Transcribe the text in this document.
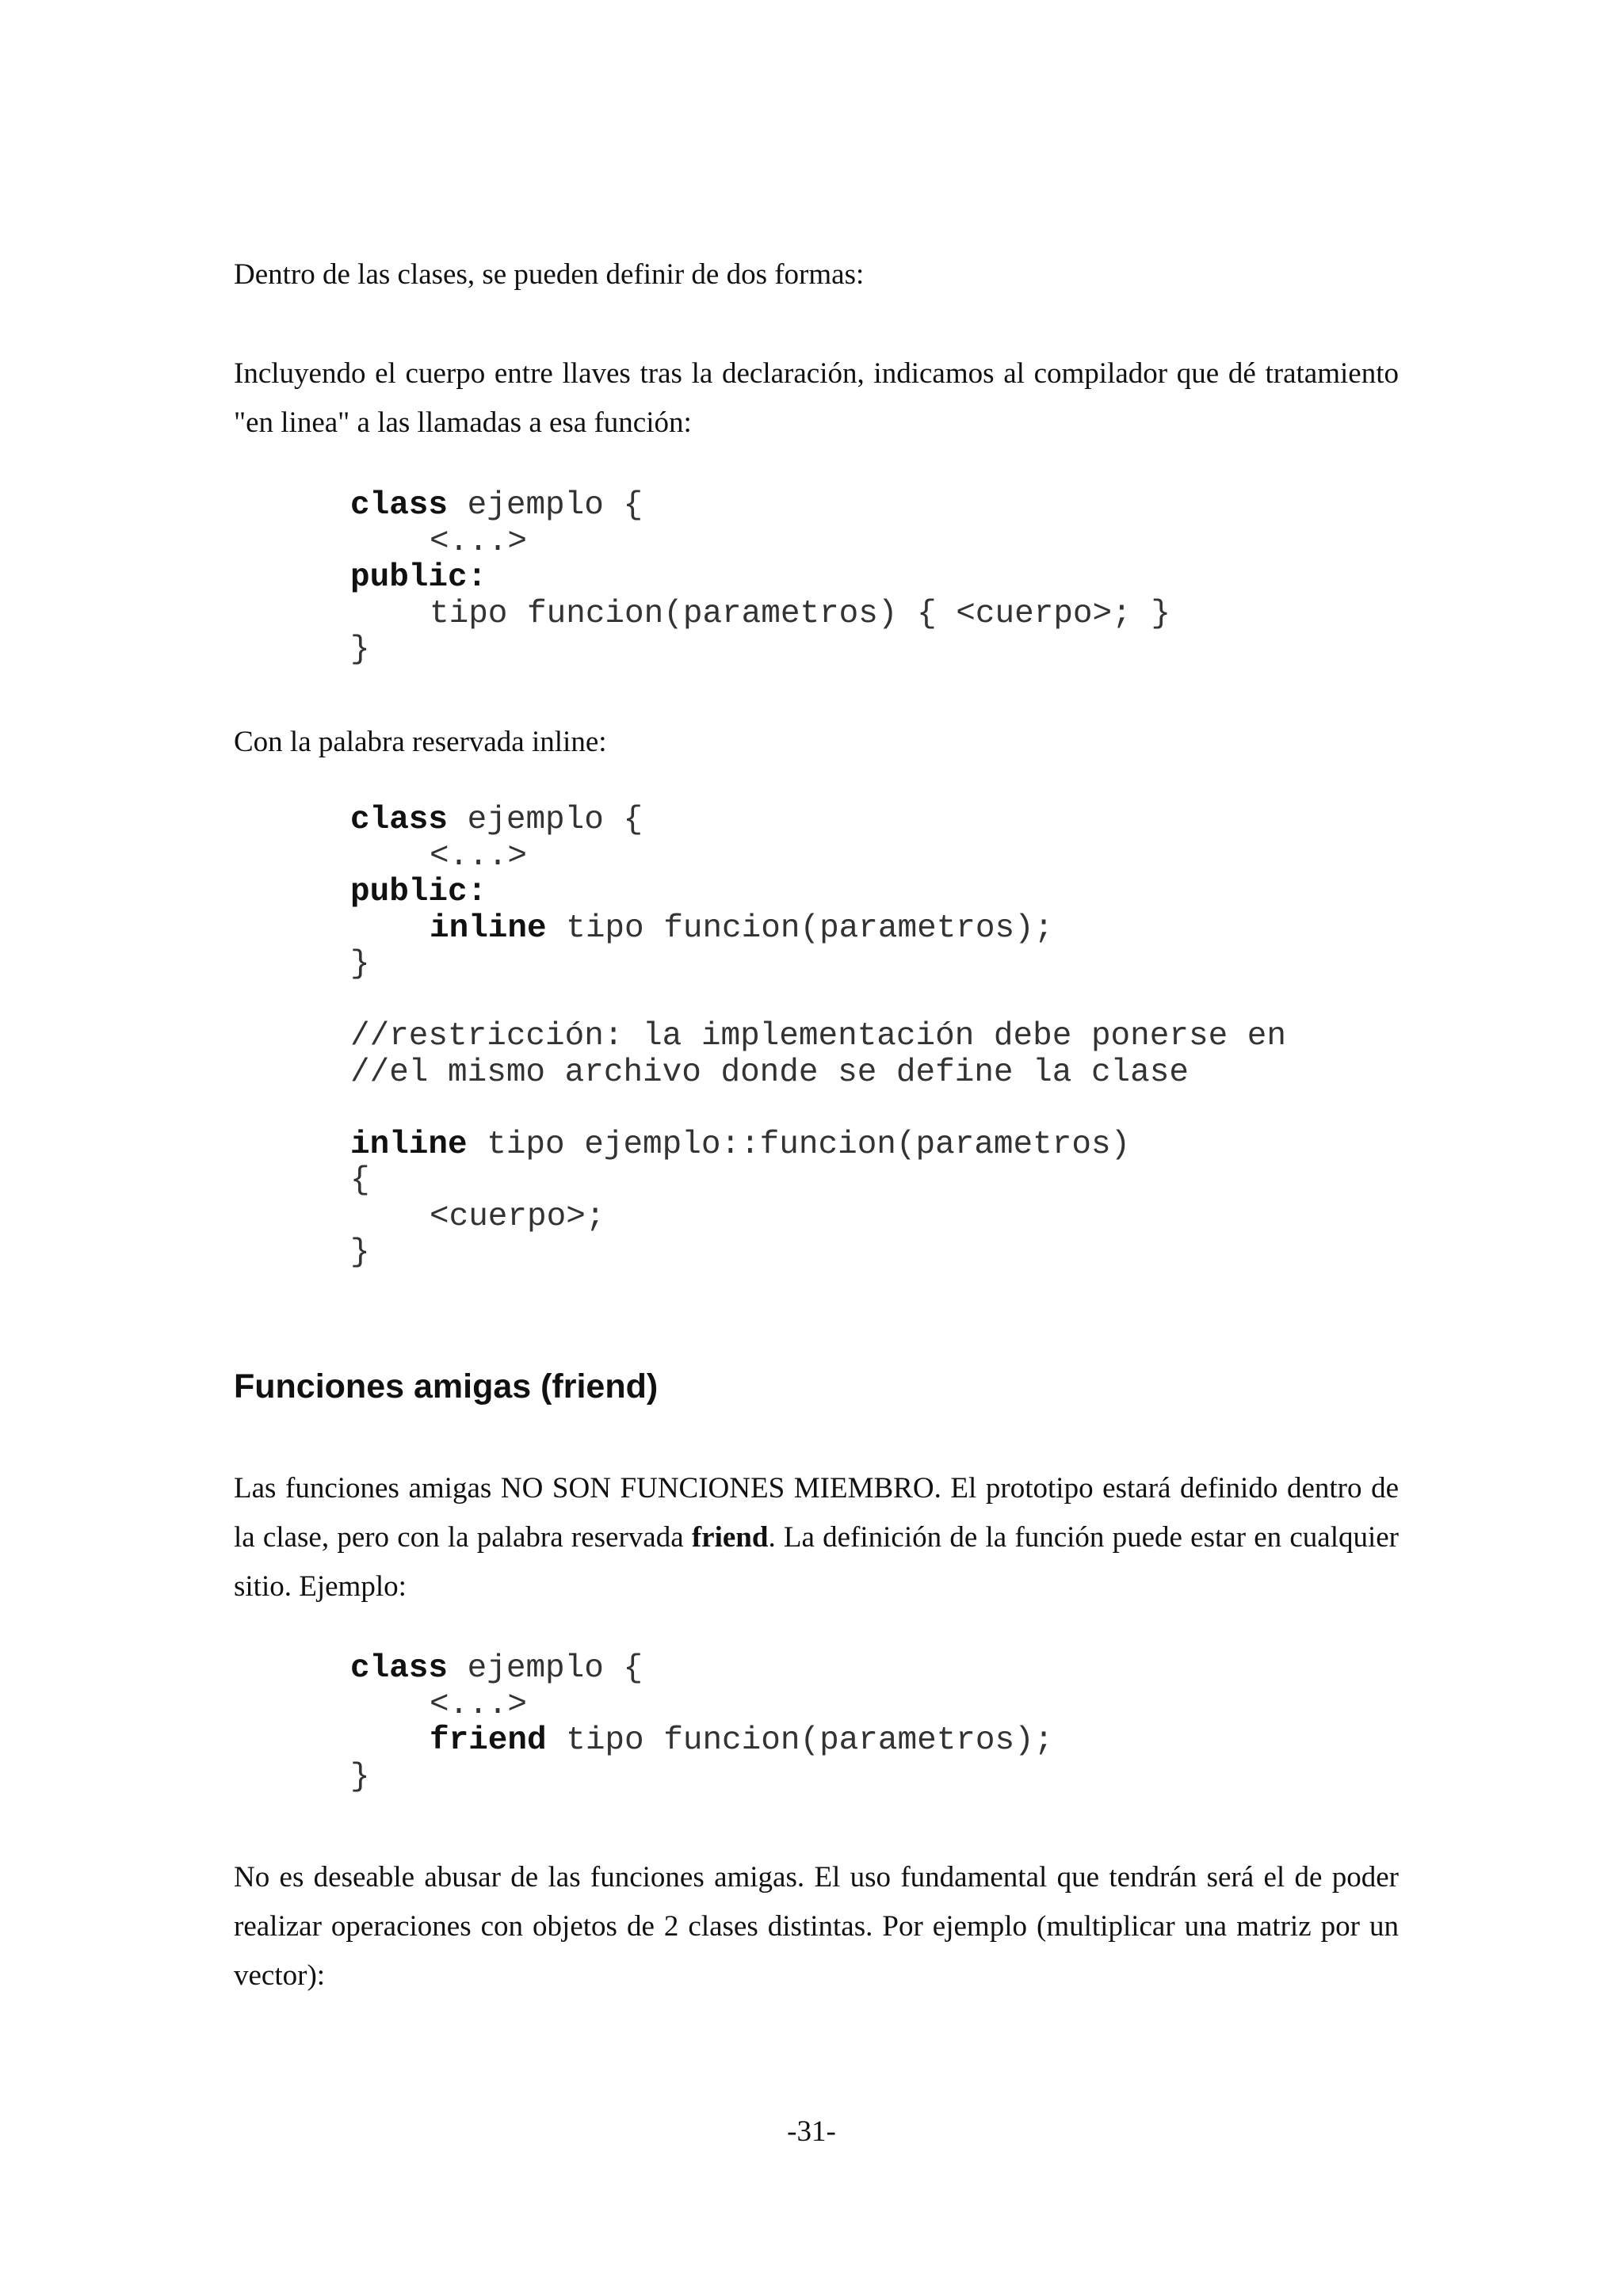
Dentro de las clases, se pueden definir de dos formas:

Incluyendo el cuerpo entre llaves tras la declaración, indicamos al compilador que dé tratamiento "en linea" a las llamadas a esa función:

class ejemplo {
<...>
public:
tipo funcion(parametros) { <cuerpo>; }
}

Con la palabra reservada inline:

class ejemplo {
<...>
public:
inline tipo funcion(parametros);
}

//restricción: la implementación debe ponerse en
//el mismo archivo donde se define la clase

inline tipo ejemplo::funcion(parametros)
{
<cuerpo>;
}
Funciones amigas (friend)

Las funciones amigas NO SON FUNCIONES MIEMBRO. El prototipo estará definido dentro de la clase, pero con la palabra reservada friend. La definición de la función puede estar en cualquier sitio. Ejemplo:

class ejemplo {
<...>
friend tipo funcion(parametros);
}

No es deseable abusar de las funciones amigas. El uso fundamental que tendrán será el de poder realizar operaciones con objetos de 2 clases distintas. Por ejemplo (multiplicar una matriz por un vector):

-31-
